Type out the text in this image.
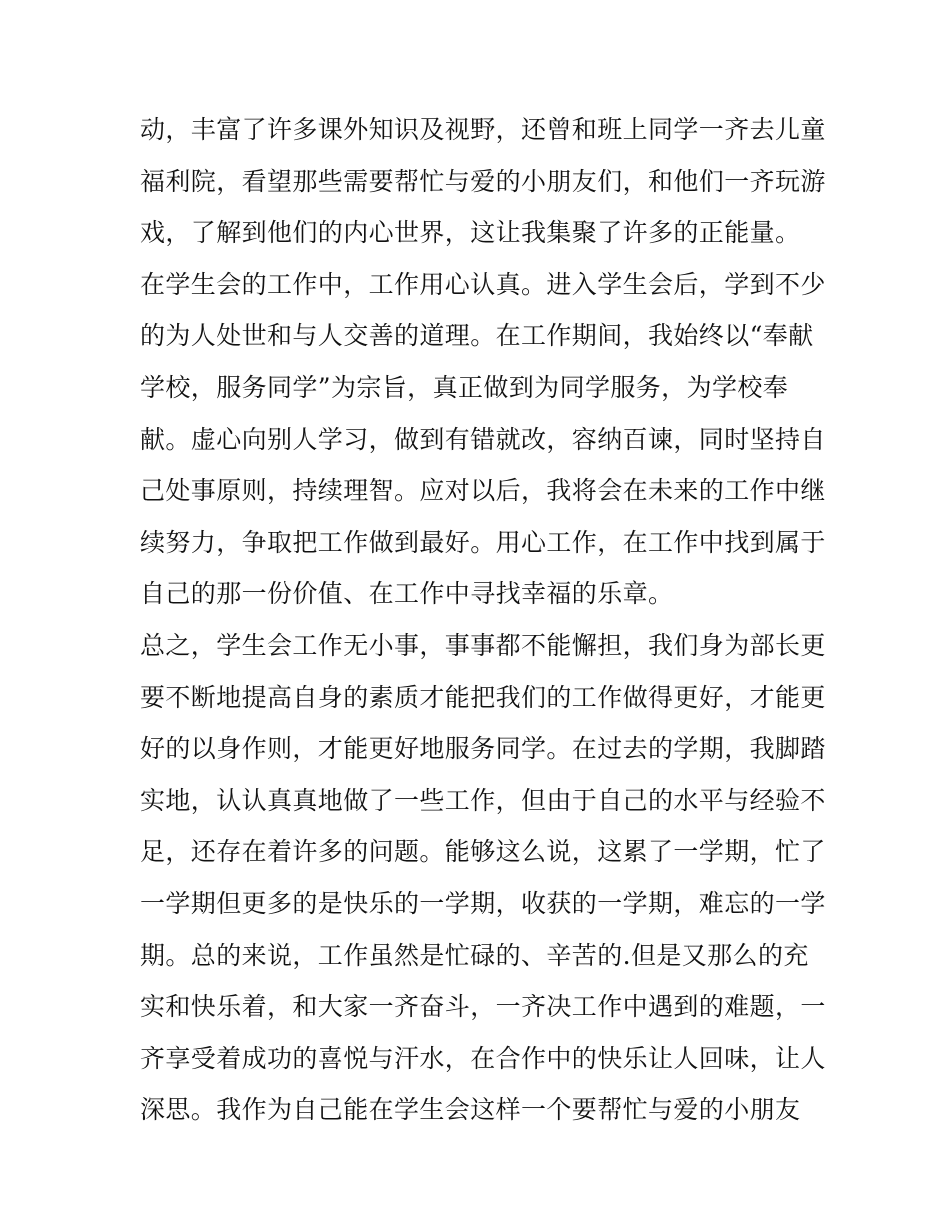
动，丰富了许多课外知识及视野，还曾和班上同学一齐去儿童
福利院，看望那些需要帮忙与爱的小朋友们，和他们一齐玩游
戏，了解到他们的内心世界，这让我集聚了许多的正能量。
在学生会的工作中，工作用心认真。进入学生会后，学到不少
的为人处世和与人交善的道理。在工作期间，我始终以“奉献
学校，服务同学”为宗旨，真正做到为同学服务，为学校奉
献。虚心向别人学习，做到有错就改，容纳百谏，同时坚持自
己处事原则，持续理智。应对以后，我将会在未来的工作中继
续努力，争取把工作做到最好。用心工作，在工作中找到属于
自己的那一份价值、在工作中寻找幸福的乐章。
总之，学生会工作无小事，事事都不能懈担，我们身为部长更
要不断地提高自身的素质才能把我们的工作做得更好，才能更
好的以身作则，才能更好地服务同学。在过去的学期，我脚踏
实地，认认真真地做了一些工作，但由于自己的水平与经验不
足，还存在着许多的问题。能够这么说，这累了一学期，忙了
一学期但更多的是快乐的一学期，收获的一学期，难忘的一学
期。总的来说，工作虽然是忙碌的、辛苦的.但是又那么的充
实和快乐着，和大家一齐奋斗，一齐决工作中遇到的难题，一
齐享受着成功的喜悦与汗水，在合作中的快乐让人回味，让人
深思。我作为自己能在学生会这样一个要帮忙与爱的小朋友
